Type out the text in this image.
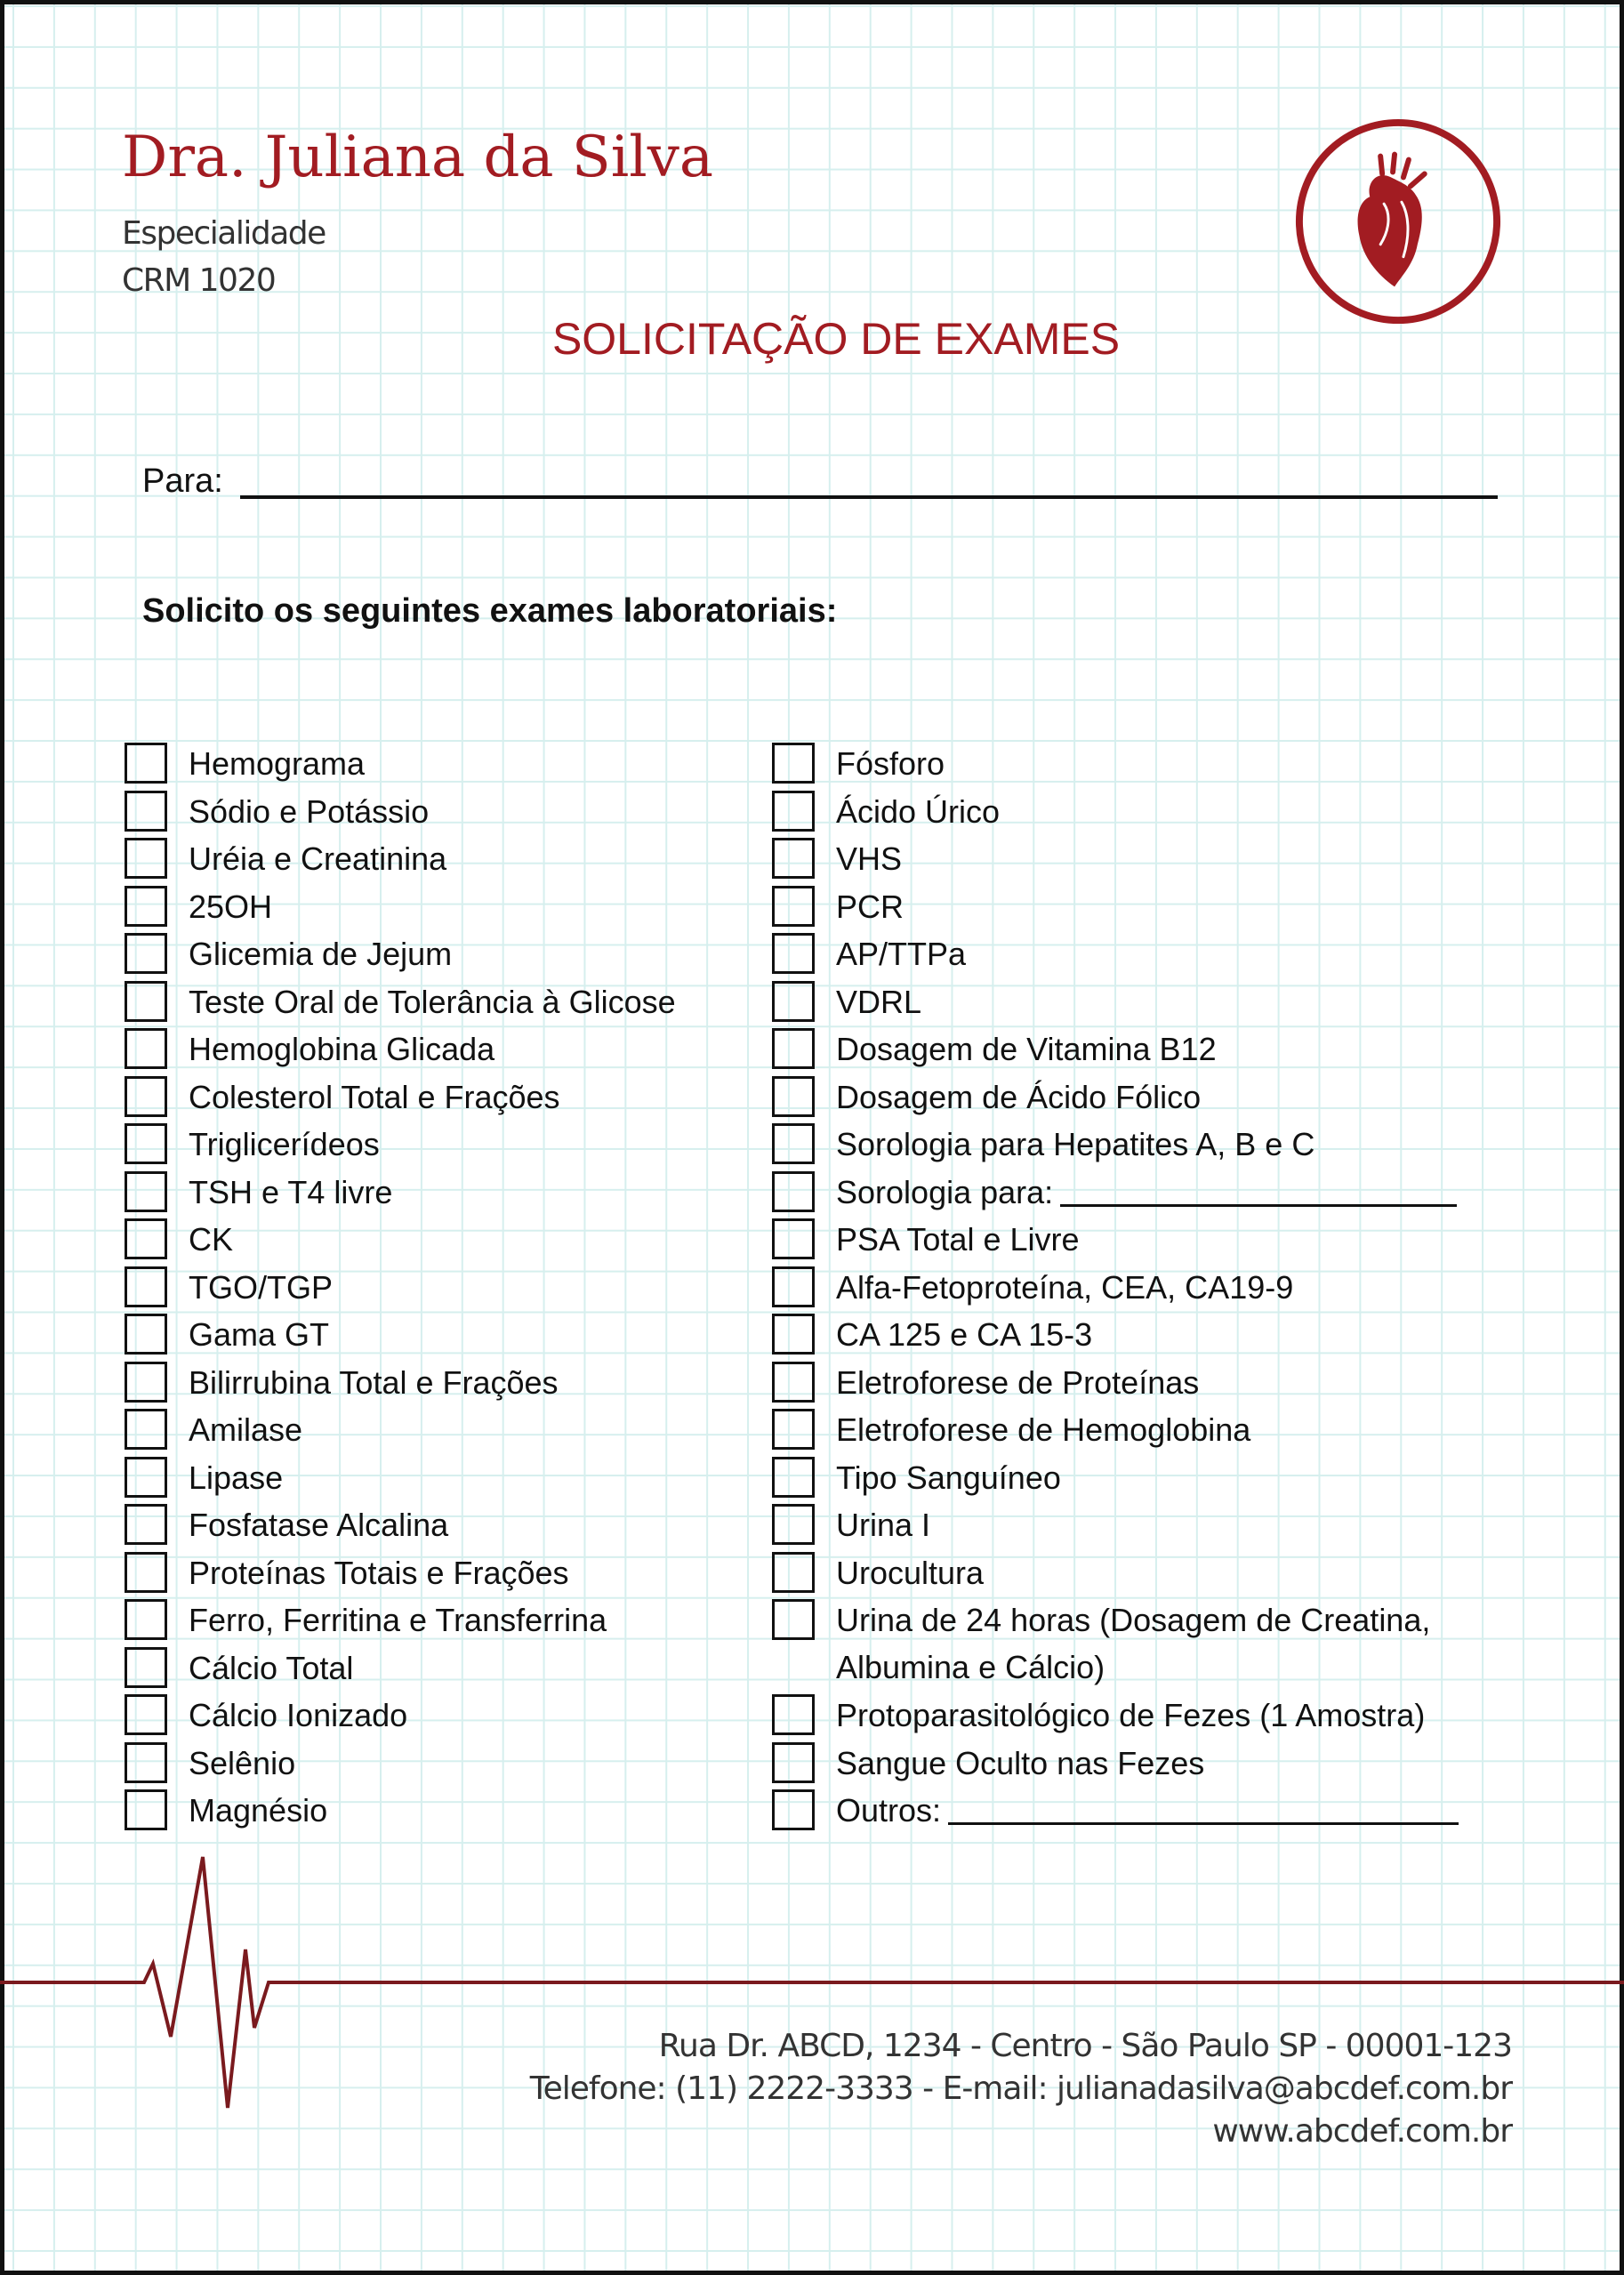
Dra. Juliana da Silva

Especialidade

CRM 1020

SOLICITAÇÃO DE EXAMES
Para:
Solicito os seguintes exames laboratoriais:
Hemograma
Sódio e Potássio
Uréia e Creatinina
25OH
Glicemia de Jejum
Teste Oral de Tolerância à Glicose
Hemoglobina Glicada
Colesterol Total e Frações
Triglicerídeos
TSH e T4 livre
CK
TGO/TGP
Gama GT
Bilirrubina Total e Frações
Amilase
Lipase
Fosfatase Alcalina
Proteínas Totais e Frações
Ferro, Ferritina e Transferrina
Cálcio Total
Cálcio Ionizado
Selênio
Magnésio
Fósforo
Ácido Úrico
VHS
PCR
AP/TTPa
VDRL
Dosagem de Vitamina B12
Dosagem de Ácido Fólico
Sorologia para Hepatites A, B e C
Sorologia para:
PSA Total e Livre
Alfa-Fetoproteína, CEA, CA19-9
CA 125 e CA 15-3
Eletroforese de Proteínas
Eletroforese de Hemoglobina
Tipo Sanguíneo
Urina I
Urocultura
Urina de 24 horas (Dosagem de Creatina, Albumina e Cálcio)
Protoparasitológico de Fezes (1 Amostra)
Sangue Oculto nas Fezes
Outros:

Rua Dr. ABCD, 1234 - Centro - São Paulo SP - 00001-123

Telefone: (11) 2222-3333 - E-mail: julianadasilva@abcdef.com.br

www.abcdef.com.br
